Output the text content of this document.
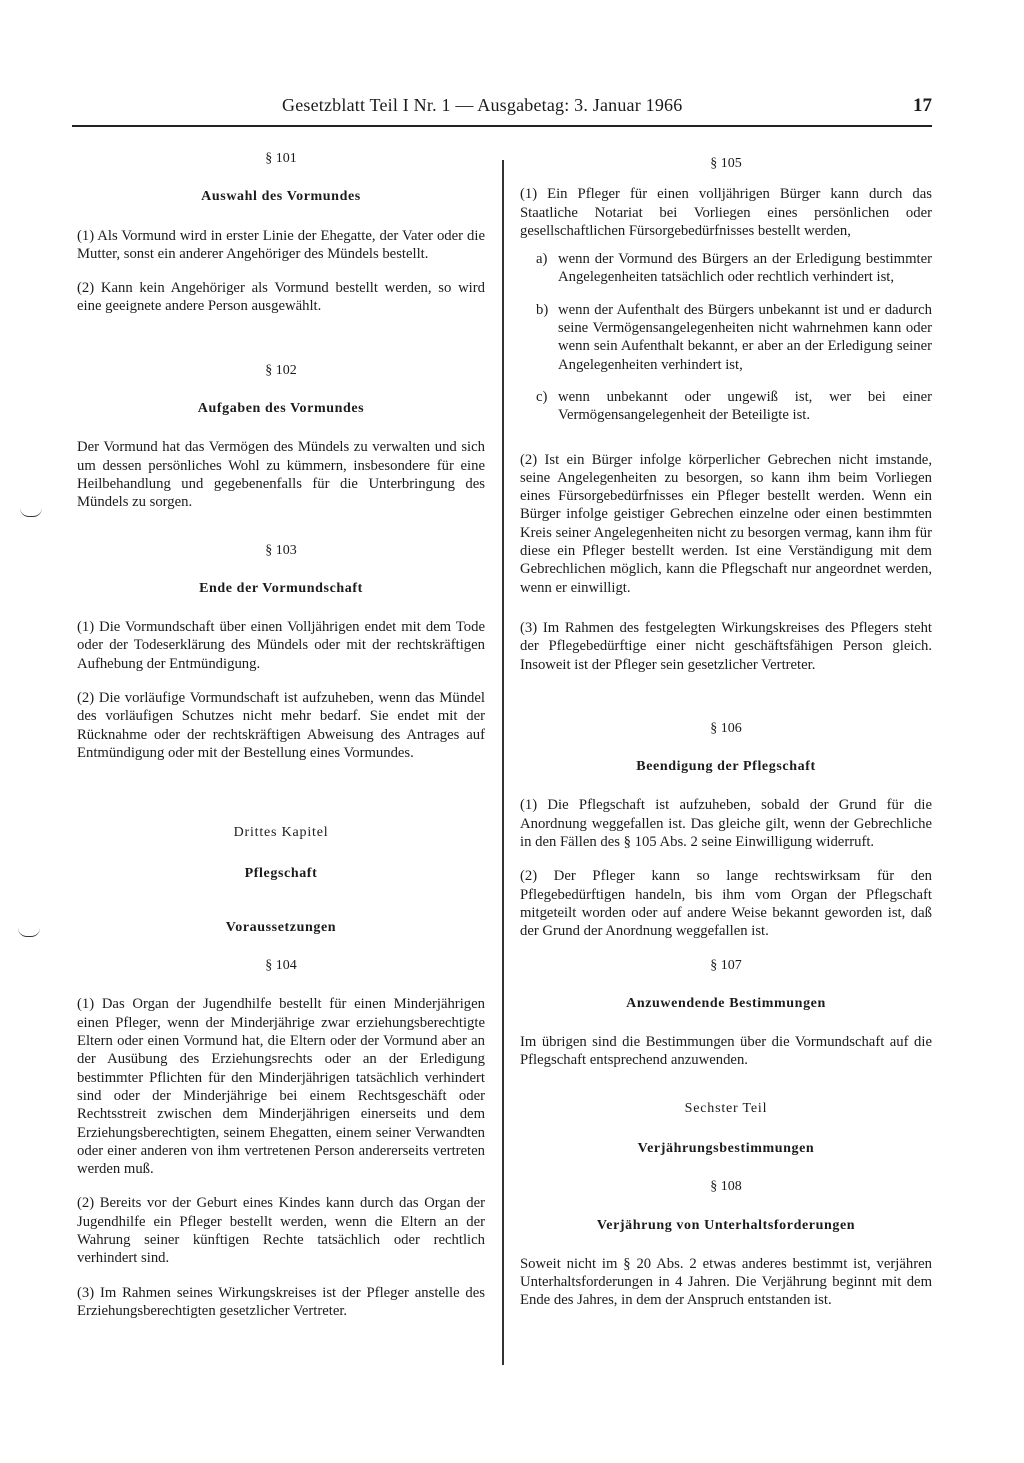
Gesetzblatt Teil I Nr. 1 — Ausgabetag: 3. Januar 1966	17
§ 101
Auswahl des Vormundes

(1) Als Vormund wird in erster Linie der Ehegatte, der Vater oder die Mutter, sonst ein anderer Angehöriger des Mündels bestellt.

(2) Kann kein Angehöriger als Vormund bestellt werden, so wird eine geeignete andere Person ausgewählt.

§ 102
Aufgaben des Vormundes

Der Vormund hat das Vermögen des Mündels zu verwalten und sich um dessen persönliches Wohl zu kümmern, insbesondere für eine Heilbehandlung und gegebenenfalls für die Unterbringung des Mündels zu sorgen.

§ 103
Ende der Vormundschaft

(1) Die Vormundschaft über einen Volljährigen endet mit dem Tode oder der Todeserklärung des Mündels oder mit der rechtskräftigen Aufhebung der Entmündigung.

(2) Die vorläufige Vormundschaft ist aufzuheben, wenn das Mündel des vorläufigen Schutzes nicht mehr bedarf. Sie endet mit der Rücknahme oder der rechtskräftigen Abweisung des Antrages auf Entmündigung oder mit der Bestellung eines Vormundes.

Drittes Kapitel
Pflegschaft
Voraussetzungen
§ 104

(1) Das Organ der Jugendhilfe bestellt für einen Minderjährigen einen Pfleger, wenn der Minderjährige zwar erziehungsberechtigte Eltern oder einen Vormund hat, die Eltern oder der Vormund aber an der Ausübung des Erziehungsrechts oder an der Erledigung bestimmter Pflichten für den Minderjährigen tatsächlich verhindert sind oder der Minderjährige bei einem Rechtsgeschäft oder Rechtsstreit zwischen dem Minderjährigen einerseits und dem Erziehungsberechtigten, seinem Ehegatten, einem seiner Verwandten oder einer anderen von ihm vertretenen Person andererseits vertreten werden muß.

(2) Bereits vor der Geburt eines Kindes kann durch das Organ der Jugendhilfe ein Pfleger bestellt werden, wenn die Eltern an der Wahrung seiner künftigen Rechte tatsächlich oder rechtlich verhindert sind.

(3) Im Rahmen seines Wirkungskreises ist der Pfleger anstelle des Erziehungsberechtigten gesetzlicher Vertreter.

§ 105

(1) Ein Pfleger für einen volljährigen Bürger kann durch das Staatliche Notariat bei Vorliegen eines persönlichen oder gesellschaftlichen Fürsorgebedürfnisses bestellt werden,

a) wenn der Vormund des Bürgers an der Erledigung bestimmter Angelegenheiten tatsächlich oder rechtlich verhindert ist,
b) wenn der Aufenthalt des Bürgers unbekannt ist und er dadurch seine Vermögensangelegenheiten nicht wahrnehmen kann oder wenn sein Aufenthalt bekannt, er aber an der Erledigung seiner Angelegenheiten verhindert ist,
c) wenn unbekannt oder ungewiß ist, wer bei einer Vermögensangelegenheit der Beteiligte ist.

(2) Ist ein Bürger infolge körperlicher Gebrechen nicht imstande, seine Angelegenheiten zu besorgen, so kann ihm beim Vorliegen eines Fürsorgebedürfnisses ein Pfleger bestellt werden. Wenn ein Bürger infolge geistiger Gebrechen einzelne oder einen bestimmten Kreis seiner Angelegenheiten nicht zu besorgen vermag, kann ihm für diese ein Pfleger bestellt werden. Ist eine Verständigung mit dem Gebrechlichen möglich, kann die Pflegschaft nur angeordnet werden, wenn er einwilligt.

(3) Im Rahmen des festgelegten Wirkungskreises des Pflegers steht der Pflegebedürftige einer nicht geschäftsfähigen Person gleich. Insoweit ist der Pfleger sein gesetzlicher Vertreter.

§ 106
Beendigung der Pflegschaft

(1) Die Pflegschaft ist aufzuheben, sobald der Grund für die Anordnung weggefallen ist. Das gleiche gilt, wenn der Gebrechliche in den Fällen des § 105 Abs. 2 seine Einwilligung widerruft.

(2) Der Pfleger kann so lange rechtswirksam für den Pflegebedürftigen handeln, bis ihm vom Organ der Pflegschaft mitgeteilt worden oder auf andere Weise bekannt geworden ist, daß der Grund der Anordnung weggefallen ist.

§ 107
Anzuwendende Bestimmungen

Im übrigen sind die Bestimmungen über die Vormundschaft auf die Pflegschaft entsprechend anzuwenden.

Sechster Teil
Verjährungsbestimmungen
§ 108
Verjährung von Unterhaltsforderungen

Soweit nicht im § 20 Abs. 2 etwas anderes bestimmt ist, verjähren Unterhaltsforderungen in 4 Jahren. Die Verjährung beginnt mit dem Ende des Jahres, in dem der Anspruch entstanden ist.
